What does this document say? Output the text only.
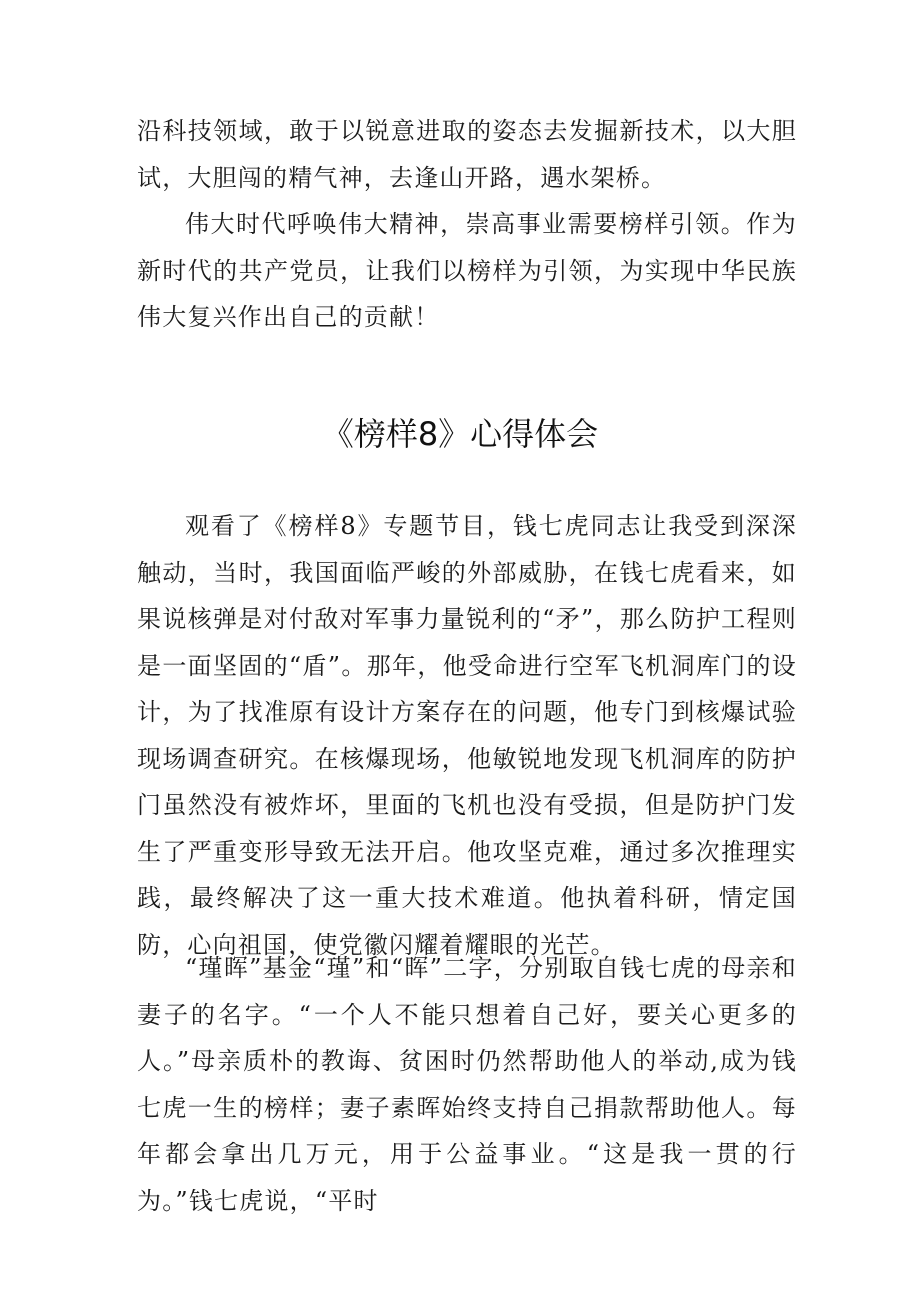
沿科技领域，敢于以锐意进取的姿态去发掘新技术，以大胆试，大胆闯的精气神，去逢山开路，遇水架桥。

伟大时代呼唤伟大精神，崇高事业需要榜样引领。作为新时代的共产党员，让我们以榜样为引领，为实现中华民族伟大复兴作出自己的贡献！

《榜样8》心得体会

观看了《榜样8》专题节目，钱七虎同志让我受到深深触动，当时，我国面临严峻的外部威胁，在钱七虎看来，如果说核弹是对付敌对军事力量锐利的“矛”，那么防护工程则是一面坚固的“盾”。那年，他受命进行空军飞机洞库门的设计，为了找准原有设计方案存在的问题，他专门到核爆试验现场调查研究。在核爆现场，他敏锐地发现飞机洞库的防护门虽然没有被炸坏，里面的飞机也没有受损，但是防护门发生了严重变形导致无法开启。他攻坚克难，通过多次推理实践，最终解决了这一重大技术难道。他执着科研，情定国防，心向祖国，使党徽闪耀着耀眼的光芒。

“瑾晖”基金“瑾”和“晖”二字，分别取自钱七虎的母亲和妻子的名字。“一个人不能只想着自己好，要关心更多的人。”母亲质朴的教诲、贫困时仍然帮助他人的举动,成为钱七虎一生的榜样；妻子素晖始终支持自己捐款帮助他人。每年都会拿出几万元，用于公益事业。“这是我一贯的行为。”钱七虎说，“平时
